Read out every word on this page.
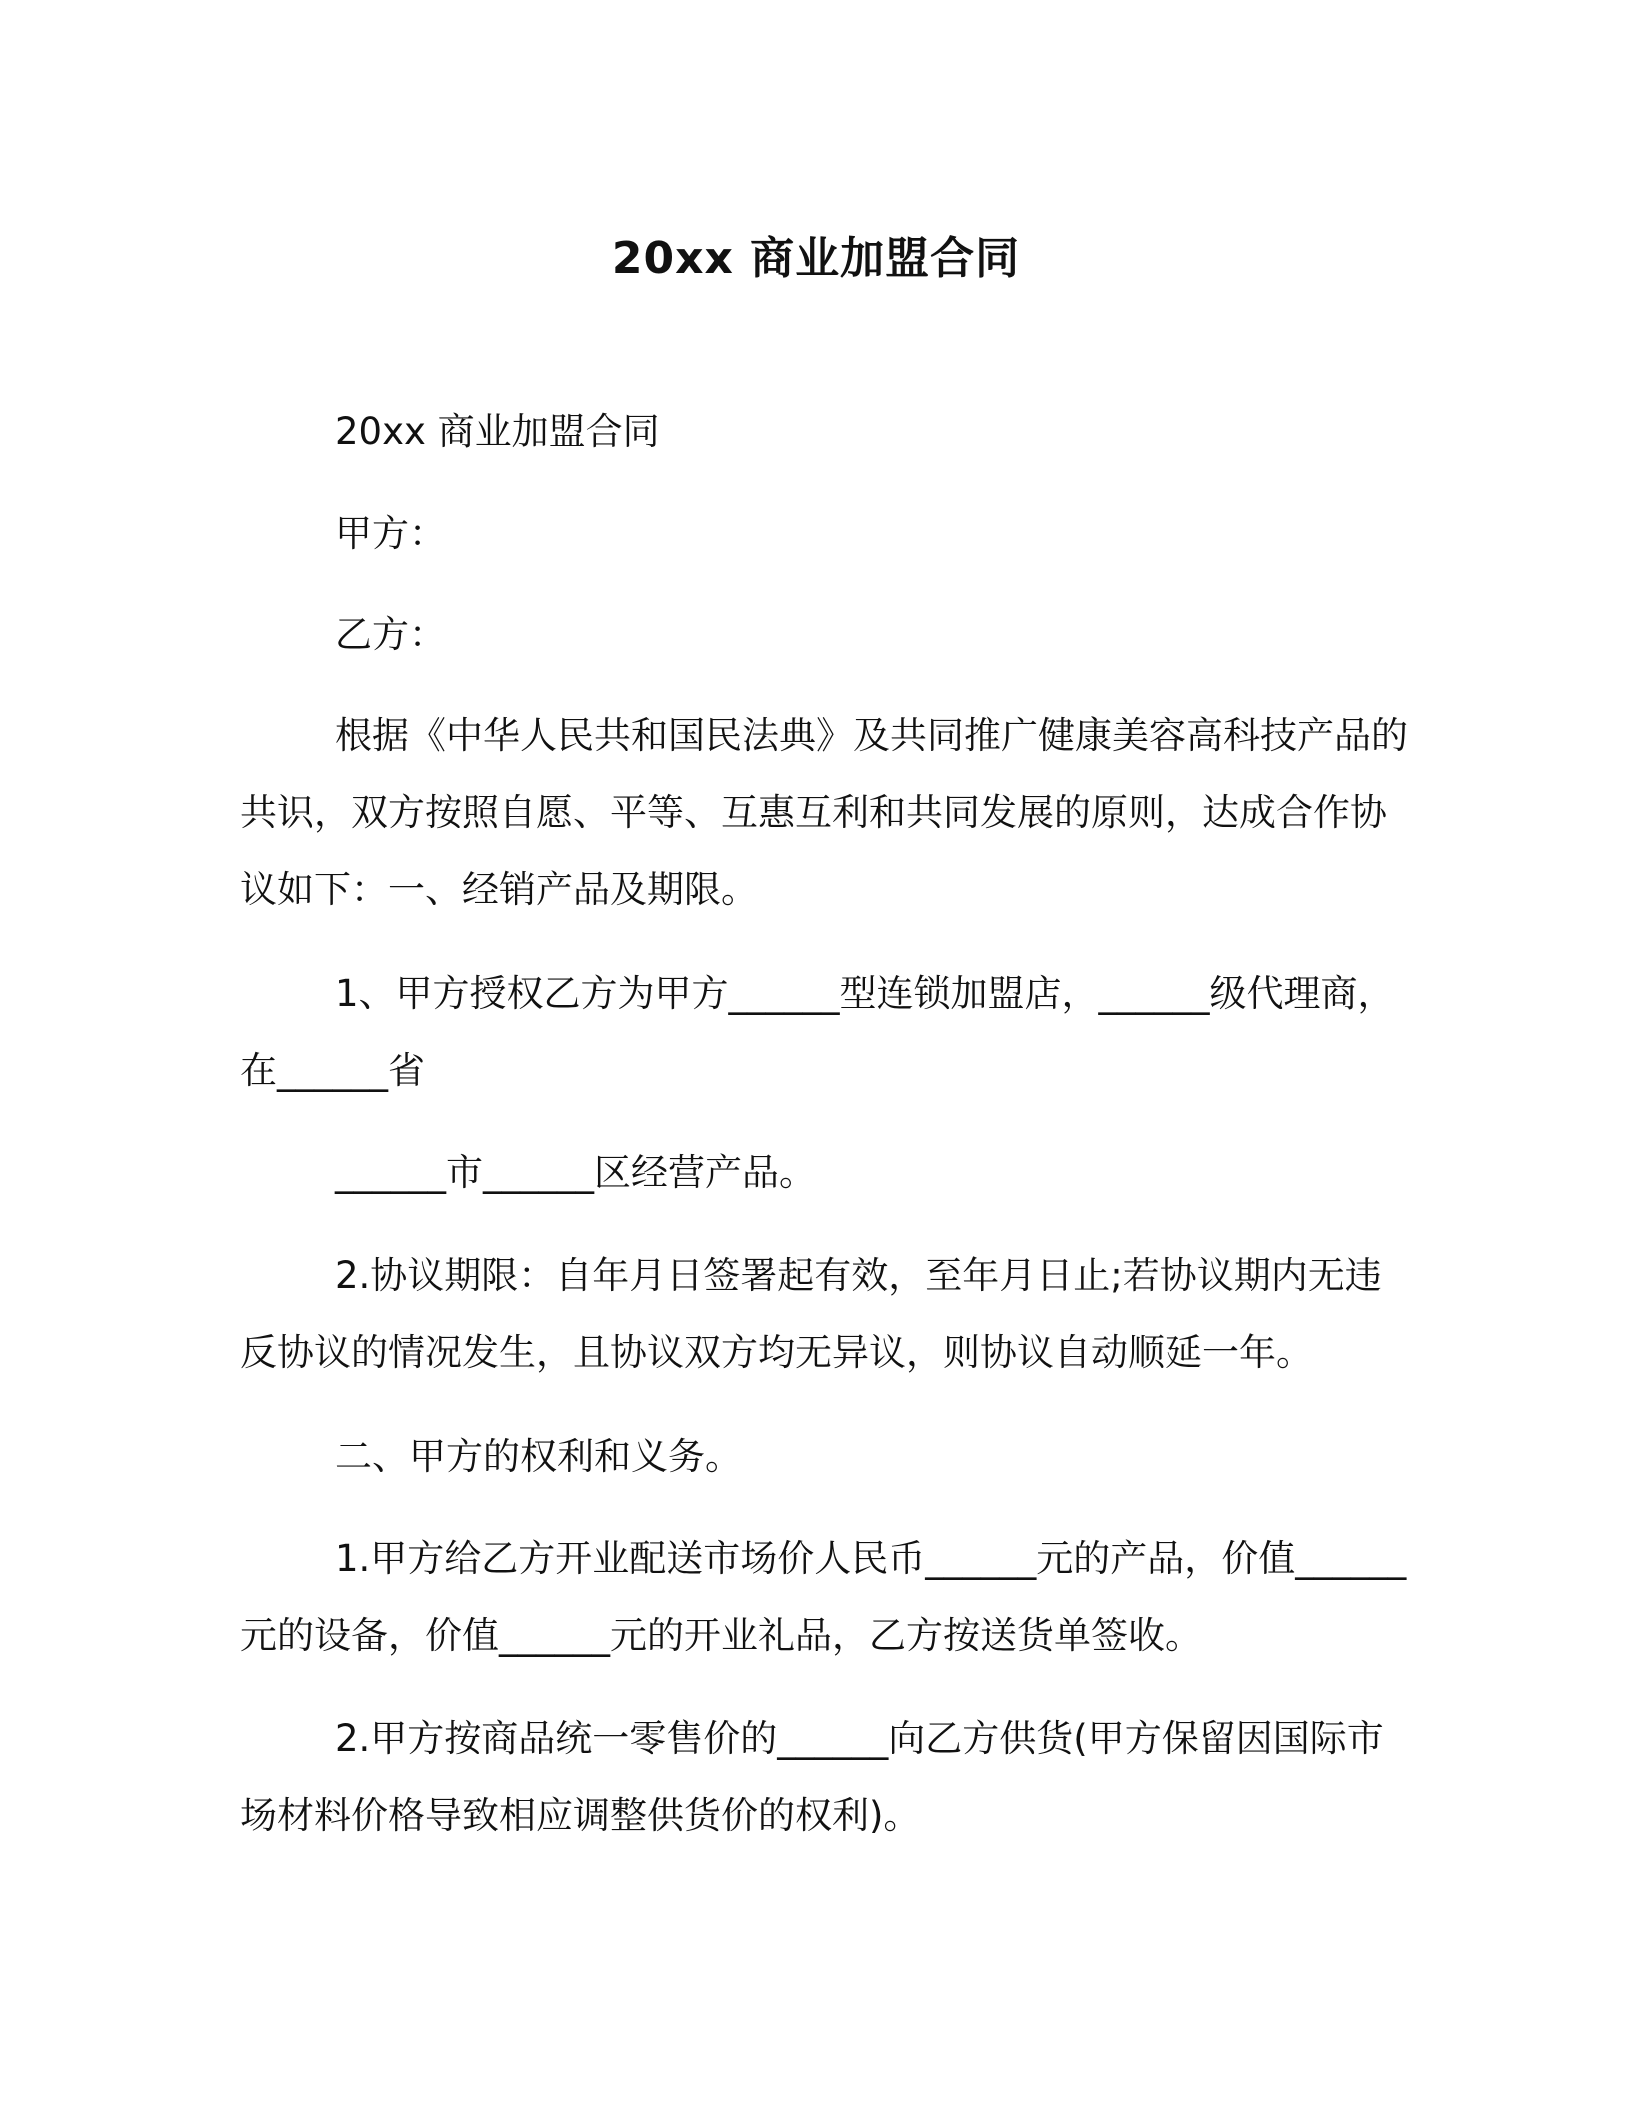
20xx 商业加盟合同

20xx 商业加盟合同

甲方：

乙方：

根据《中华人民共和国民法典》及共同推广健康美容高科技产品的共识，双方按照自愿、平等、互惠互利和共同发展的原则，达成合作协议如下：一、经销产品及期限。

1、甲方授权乙方为甲方______型连锁加盟店，______级代理商，在______省

______市______区经营产品。

2.协议期限：自年月日签署起有效，至年月日止;若协议期内无违反协议的情况发生，且协议双方均无异议，则协议自动顺延一年。

二、甲方的权利和义务。

1.甲方给乙方开业配送市场价人民币______元的产品，价值______元的设备，价值______元的开业礼品，乙方按送货单签收。

2.甲方按商品统一零售价的______向乙方供货(甲方保留因国际市场材料价格导致相应调整供货价的权利)。
